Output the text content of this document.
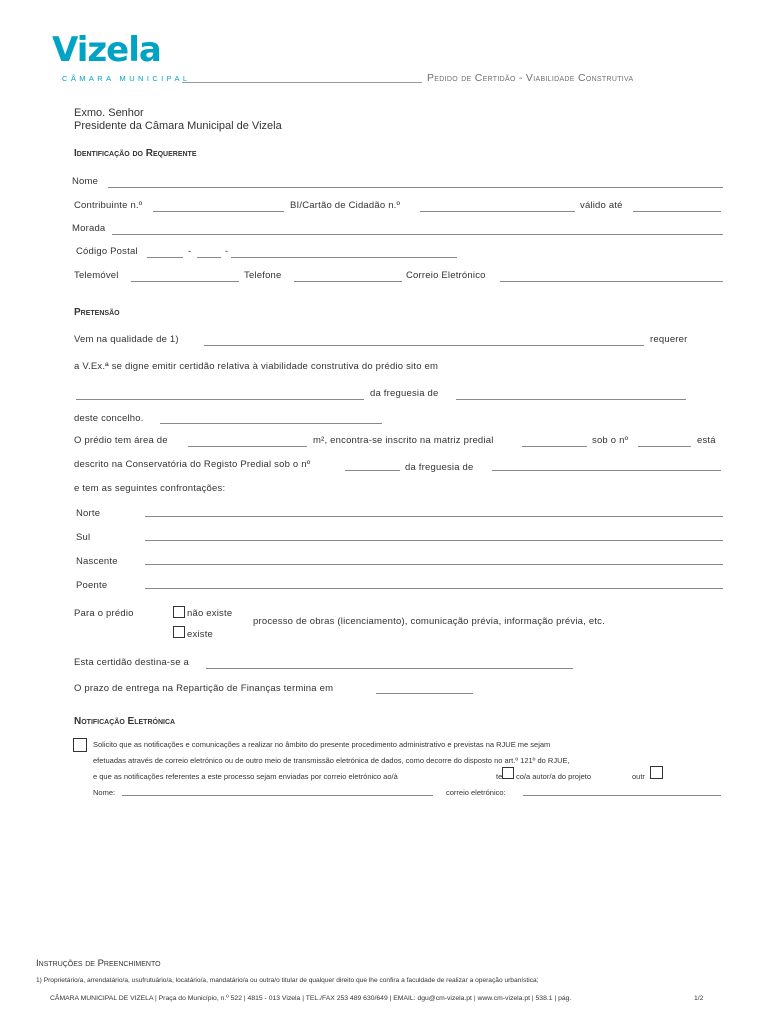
Vizela
CÂMARA MUNICIPAL	Pedido de Certidão - Viabilidade Construtiva
Exmo. Senhor
Presidente da Câmara Municipal de Vizela
Identificação do Requerente
Nome
Contribuinte n.º	BI/Cartão de Cidadão n.º	válido até
Morada
Código Postal	-	-
Telemóvel	Telefone	Correio Eletrónico
Pretensão
Vem na qualidade de 1)	requerer
a V.Ex.ª se digne emitir certidão relativa à viabilidade construtiva do prédio sito em
da freguesia de
deste concelho.
O prédio tem área de	m², encontra-se inscrito na matriz predial	sob o nº	está
descrito na Conservatória do Registo Predial sob o nº	da freguesia de
e tem as seguintes confrontações:
Norte
Sul
Nascente
Poente
Para o prédio	não existe
existe
processo de obras (licenciamento), comunicação prévia, informação prévia, etc.
Esta certidão destina-se a
O prazo de entrega na Repartição de Finanças termina em
Notificação Eletrónica
Solicito que as notificações e comunicações a realizar no âmbito do presente procedimento administrativo e previstas na RJUE me sejam
efetuadas através de correio eletrónico ou de outro meio de transmissão eletrónica de dados, como decorre do disposto no art.º 121º do RJUE,
e que as notificações referentes a este processo sejam enviadas por correio eletrónico ao/à	te co/a autor/a do projeto	outr
Nome:	correio eletrónico:
Instruções de Preenchimento
1) Proprietário/a, arrendatário/a, usufrutuário/a, locatário/a, mandatário/a ou outra/o titular de qualquer direito que lhe confira a faculdade de realizar a operação urbanística;
CÂMARA MUNICIPAL DE VIZELA | Praça do Município, n.º 522 | 4815 - 013 Vizela | TEL./FAX 253 489 630/649 | EMAIL: dgu@cm-vizela.pt | www.cm-vizela.pt | 538.1 | pág.	1/2
